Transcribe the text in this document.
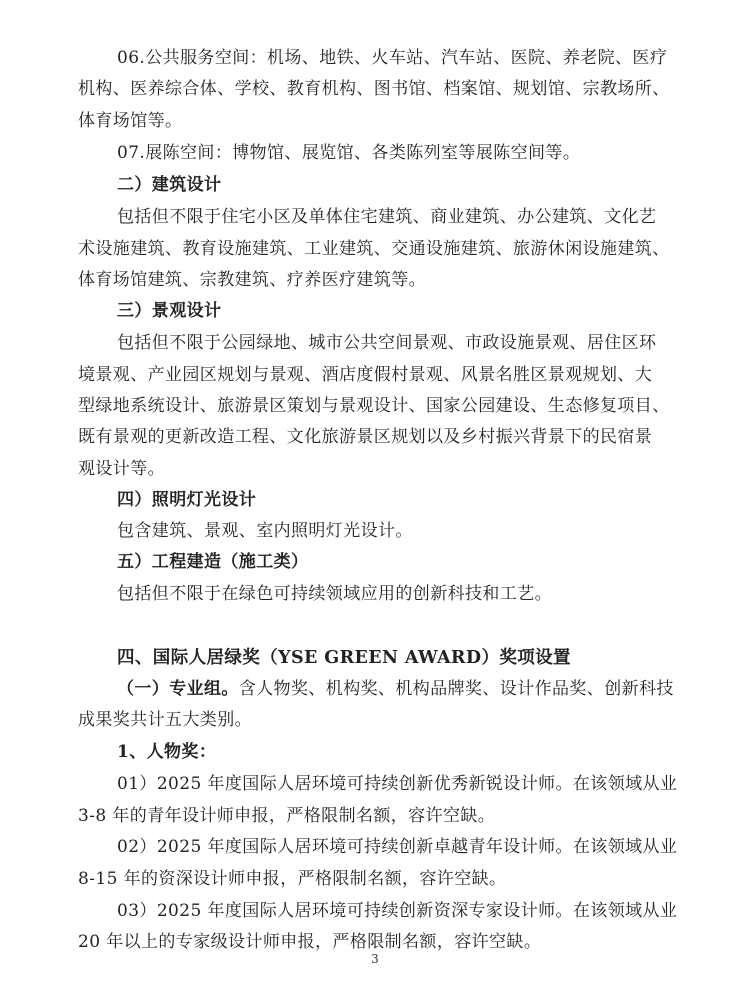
06.公共服务空间：机场、地铁、火车站、汽车站、医院、养老院、医疗
机构、医养综合体、学校、教育机构、图书馆、档案馆、规划馆、宗教场所、
体育场馆等。
07.展陈空间：博物馆、展览馆、各类陈列室等展陈空间等。
二）建筑设计
包括但不限于住宅小区及单体住宅建筑、商业建筑、办公建筑、文化艺
术设施建筑、教育设施建筑、工业建筑、交通设施建筑、旅游休闲设施建筑、
体育场馆建筑、宗教建筑、疗养医疗建筑等。
三）景观设计
包括但不限于公园绿地、城市公共空间景观、市政设施景观、居住区环
境景观、产业园区规划与景观、酒店度假村景观、风景名胜区景观规划、大
型绿地系统设计、旅游景区策划与景观设计、国家公园建设、生态修复项目、
既有景观的更新改造工程、文化旅游景区规划以及乡村振兴背景下的民宿景
观设计等。
四）照明灯光设计
包含建筑、景观、室内照明灯光设计。
五）工程建造（施工类）
包括但不限于在绿色可持续领域应用的创新科技和工艺。
四、国际人居绿奖（YSE GREEN AWARD）奖项设置
（一）专业组。含人物奖、机构奖、机构品牌奖、设计作品奖、创新科技
成果奖共计五大类别。
1、人物奖：
01）2025 年度国际人居环境可持续创新优秀新锐设计师。在该领域从业
3-8 年的青年设计师申报，严格限制名额，容许空缺。
02）2025 年度国际人居环境可持续创新卓越青年设计师。在该领域从业
8-15 年的资深设计师申报，严格限制名额，容许空缺。
03）2025 年度国际人居环境可持续创新资深专家设计师。在该领域从业
20 年以上的专家级设计师申报，严格限制名额，容许空缺。
3
